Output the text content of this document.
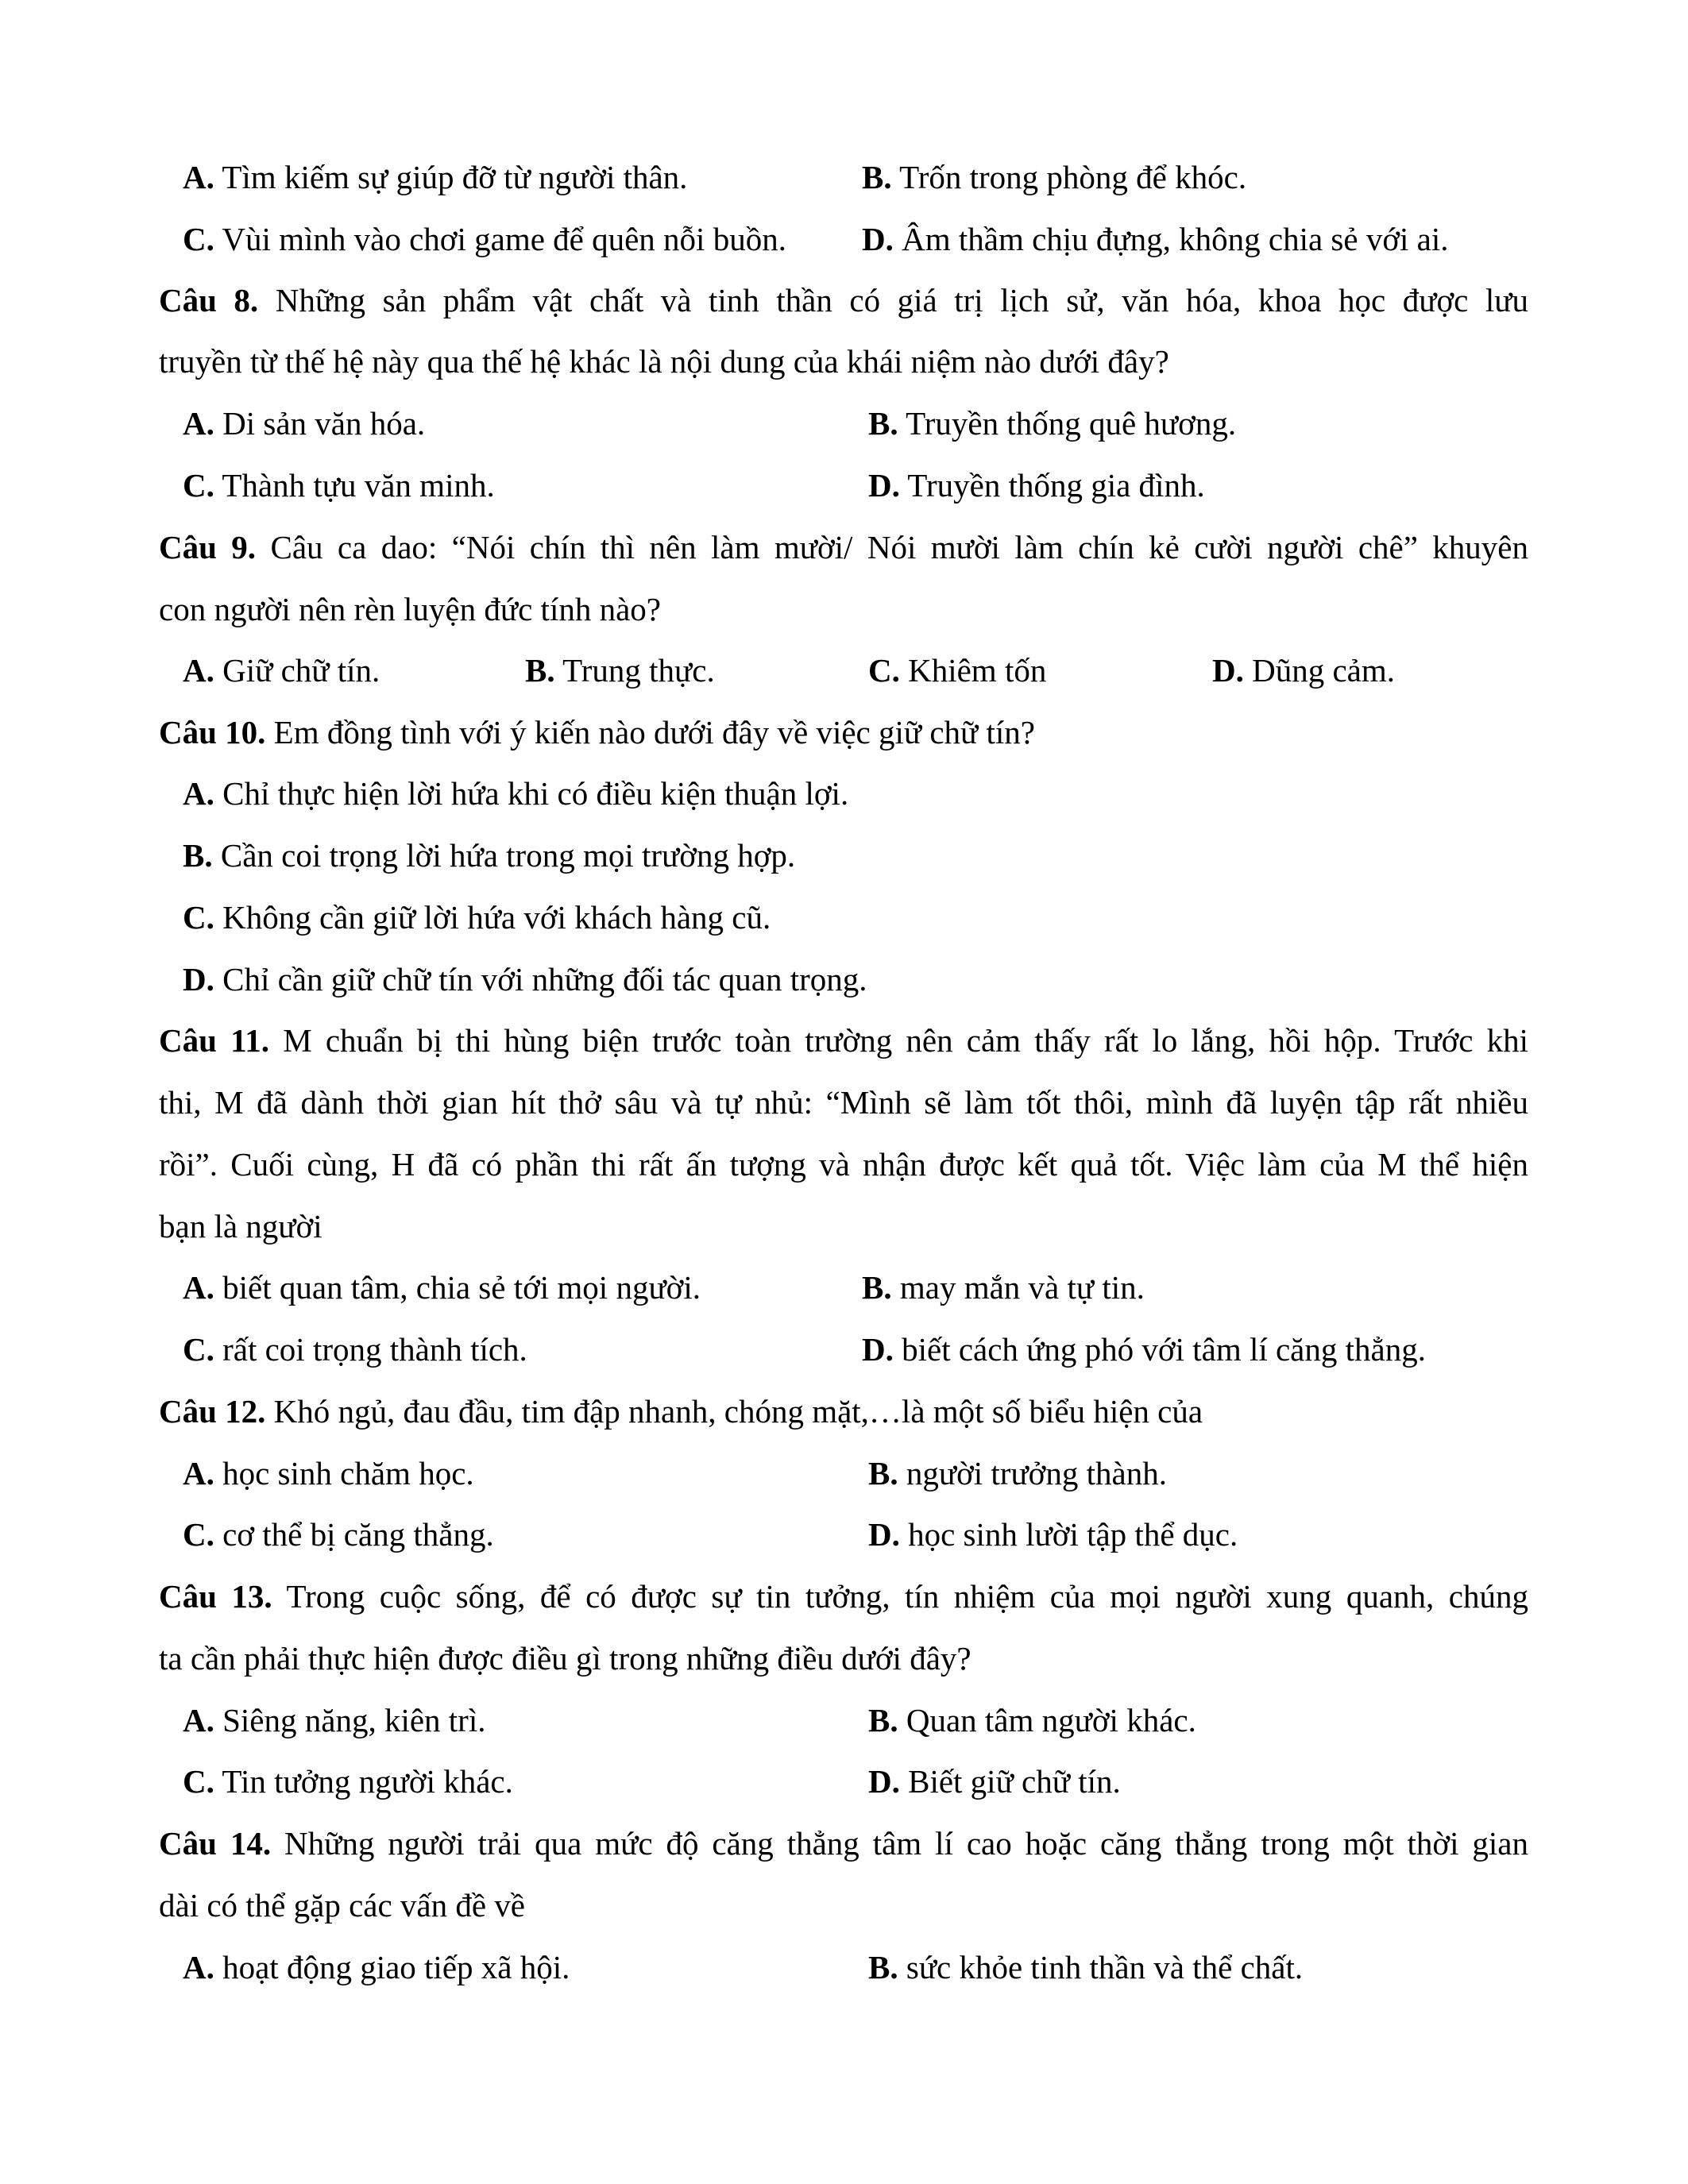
A. Tìm kiếm sự giúp đỡ từ người thân.	B. Trốn trong phòng để khóc.
C. Vùi mình vào chơi game để quên nỗi buồn. D. Âm thầm chịu đựng, không chia sẻ với ai.
Câu 8. Những sản phẩm vật chất và tinh thần có giá trị lịch sử, văn hóa, khoa học được lưu
truyền từ thế hệ này qua thế hệ khác là nội dung của khái niệm nào dưới đây?
A. Di sản văn hóa.	B. Truyền thống quê hương.
C. Thành tựu văn minh.	D. Truyền thống gia đình.
Câu 9. Câu ca dao: “Nói chín thì nên làm mười/ Nói mười làm chín kẻ cười người chê” khuyên
con người nên rèn luyện đức tính nào?
A. Giữ chữ tín.	B. Trung thực.	C. Khiêm tốn	D. Dũng cảm.
Câu 10. Em đồng tình với ý kiến nào dưới đây về việc giữ chữ tín?
A. Chỉ thực hiện lời hứa khi có điều kiện thuận lợi.
B. Cần coi trọng lời hứa trong mọi trường hợp.
C. Không cần giữ lời hứa với khách hàng cũ.
D. Chỉ cần giữ chữ tín với những đối tác quan trọng.
Câu 11. M chuẩn bị thi hùng biện trước toàn trường nên cảm thấy rất lo lắng, hồi hộp. Trước khi
thi, M đã dành thời gian hít thở sâu và tự nhủ: “Mình sẽ làm tốt thôi, mình đã luyện tập rất nhiều
rồi”. Cuối cùng, H đã có phần thi rất ấn tượng và nhận được kết quả tốt. Việc làm của M thể hiện
bạn là người
A. biết quan tâm, chia sẻ tới mọi người.	B. may mắn và tự tin.
C. rất coi trọng thành tích.	D. biết cách ứng phó với tâm lí căng thẳng.
Câu 12. Khó ngủ, đau đầu, tim đập nhanh, chóng mặt,…là một số biểu hiện của
A. học sinh chăm học.	B. người trưởng thành.
C. cơ thể bị căng thẳng.	D. học sinh lười tập thể dục.
Câu 13. Trong cuộc sống, để có được sự tin tưởng, tín nhiệm của mọi người xung quanh, chúng
ta cần phải thực hiện được điều gì trong những điều dưới đây?
A. Siêng năng, kiên trì.	B. Quan tâm người khác.
C. Tin tưởng người khác.	D. Biết giữ chữ tín.
Câu 14. Những người trải qua mức độ căng thẳng tâm lí cao hoặc căng thẳng trong một thời gian
dài có thể gặp các vấn đề về
A. hoạt động giao tiếp xã hội.	B. sức khỏe tinh thần và thể chất.
